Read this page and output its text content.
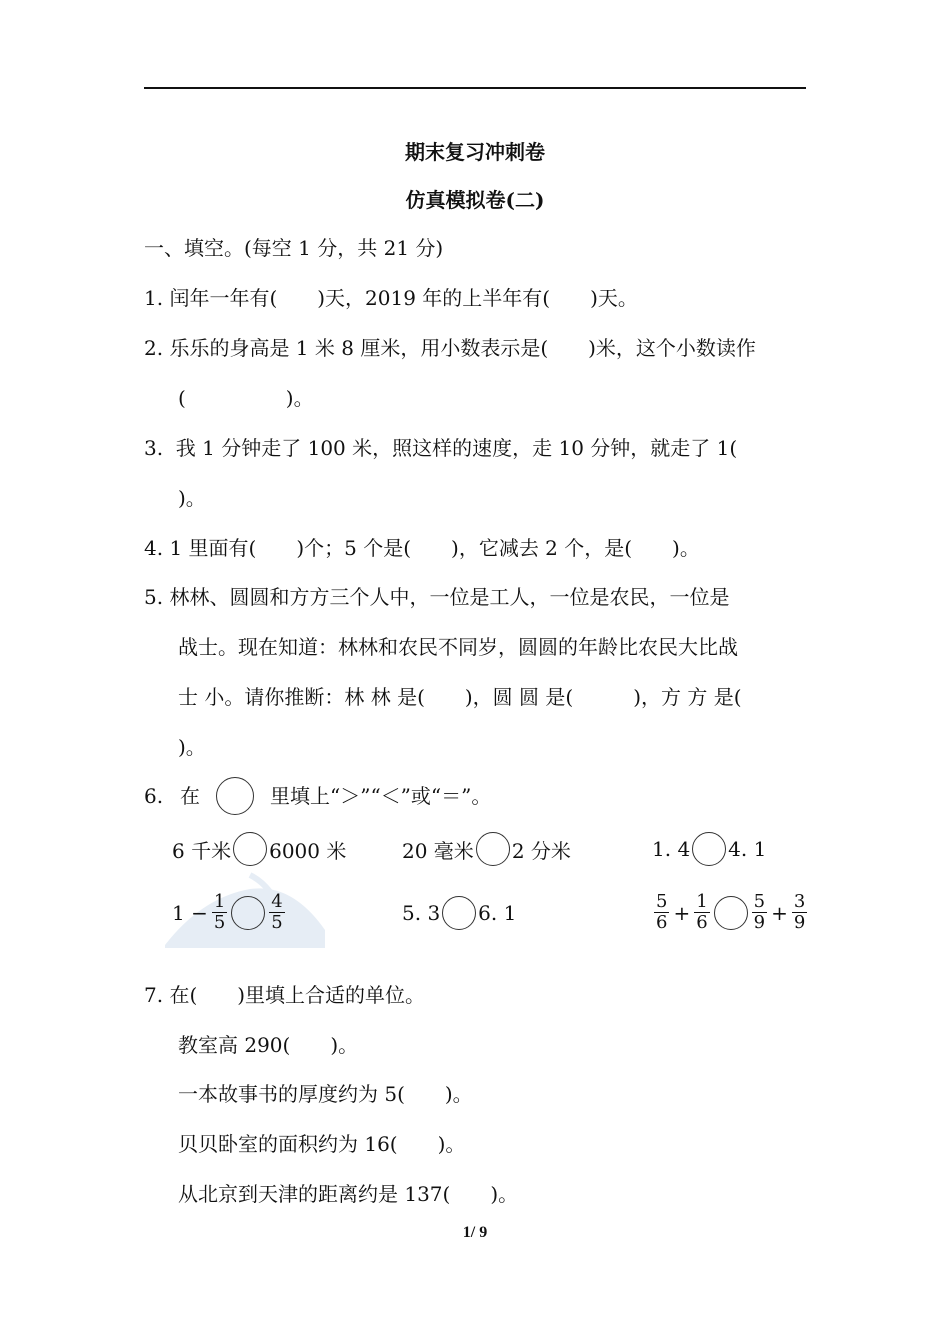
期末复习冲刺卷
仿真模拟卷(二)
一、填空。(每空 1 分，共 21 分)
1. 闰年一年有(　　)天，2019 年的上半年有(　　)天。
2. 乐乐的身高是 1 米 8 厘米，用小数表示是(　　)米，这个小数读作
(　　　　　)。
3.  我 1 分钟走了 100 米，照这样的速度，走 10 分钟，就走了 1(
)。
4. 1 里面有(　　)个；5 个是(　　)，它减去 2 个，是(　　)。
5. 林林、圆圆和方方三个人中，一位是工人，一位是农民，一位是
战士。现在知道：林林和农民不同岁，圆圆的年龄比农民大比战
士 小。请你推断：林 林 是(　　)，圆 圆 是(　　　)，方 方 是(
)。
6. 在	里填上“＞”“＜”或“＝”。
6 千米 6000 米	20 毫米 2 分米	1. 4 4. 1
$1 - \frac{1}{5} \frac{4}{5}$	5. 3 6. 1	$\frac{5}{6} + \frac{1}{6} \frac{5}{9} + \frac{3}{9}$
7. 在(　　)里填上合适的单位。
教室高 290(　　)。
一本故事书的厚度约为 5(　　)。
贝贝卧室的面积约为 16(　　)。
从北京到天津的距离约是 137(　　)。
1/ 9
